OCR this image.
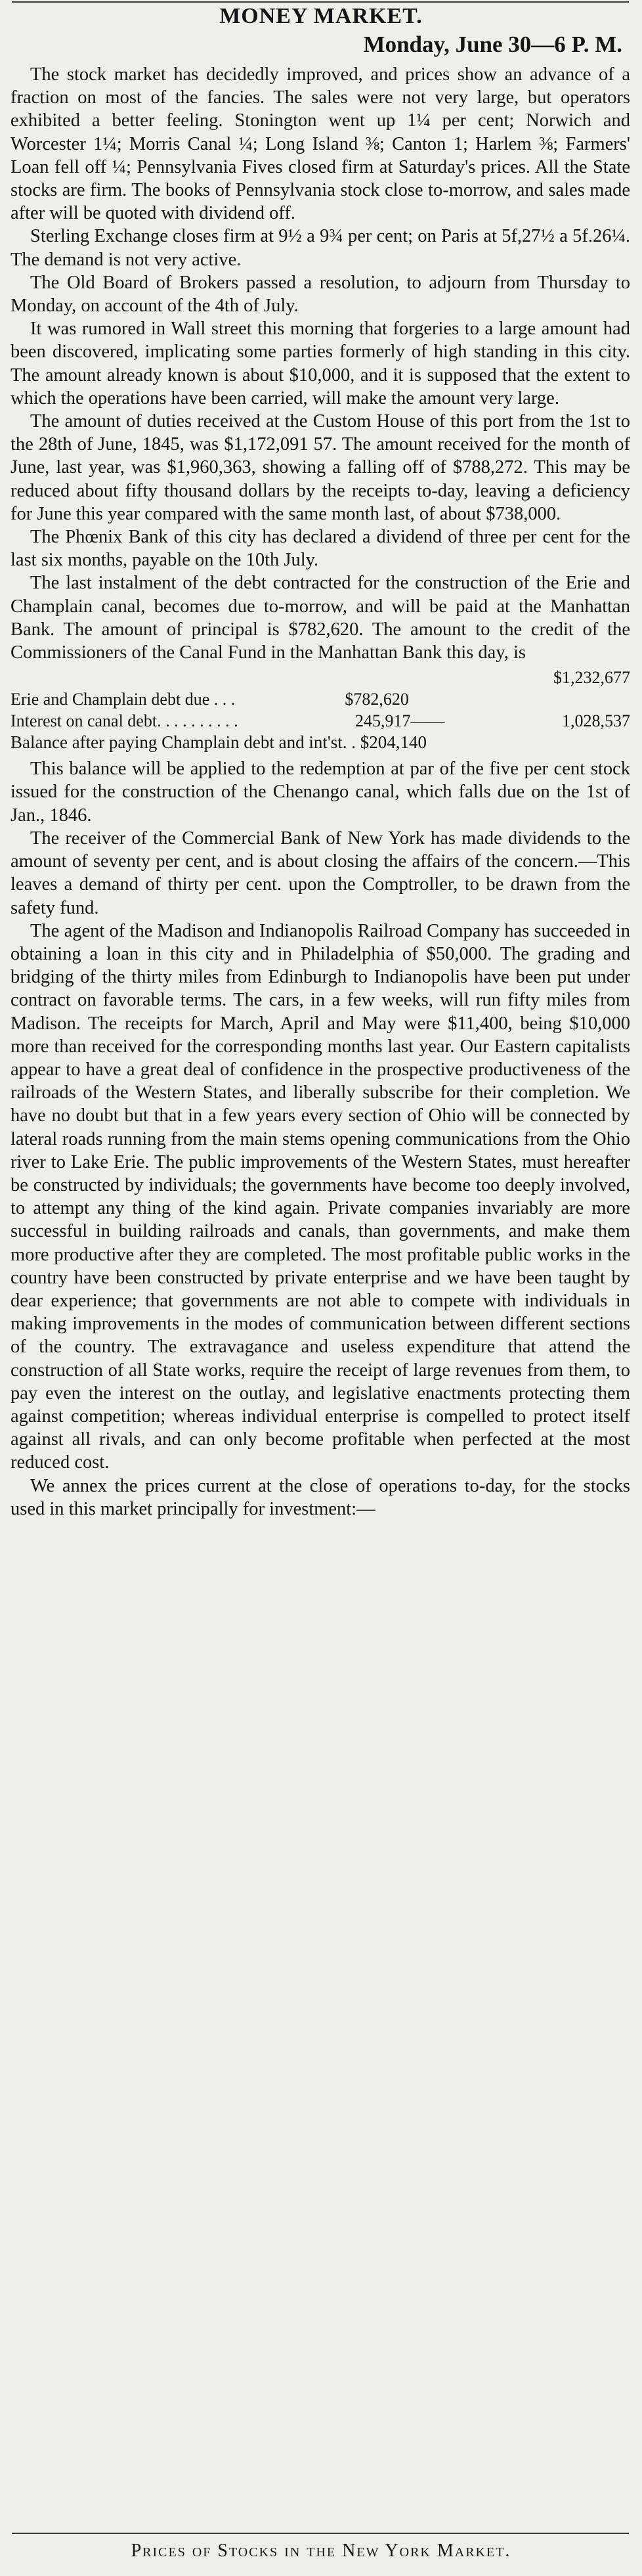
MONEY MARKET.
Monday, June 30—6 P. M.

The stock market has decidedly improved, and prices show an advance of a fraction on most of the fancies. The sales were not very large, but operators exhibited a better feeling. Stonington went up 1¼ per cent; Norwich and Worcester 1¼; Morris Canal ¼; Long Island ⅜; Canton 1; Harlem ⅜; Farmers' Loan fell off ¼; Pennsylvania Fives closed firm at Saturday's prices. All the State stocks are firm. The books of Pennsylvania stock close to-morrow, and sales made after will be quoted with dividend off.

Sterling Exchange closes firm at 9½ a 9¾ per cent; on Paris at 5f,27½ a 5f.26¼. The demand is not very active.

The Old Board of Brokers passed a resolution, to adjourn from Thursday to Monday, on account of the 4th of July.

It was rumored in Wall street this morning that forgeries to a large amount had been discovered, implicating some parties formerly of high standing in this city. The amount already known is about $10,000, and it is supposed that the extent to which the operations have been carried, will make the amount very large.

The amount of duties received at the Custom House of this port from the 1st to the 28th of June, 1845, was $1,172,091 57. The amount received for the month of June, last year, was $1,960,363, showing a falling off of $788,272. This may be reduced about fifty thousand dollars by the receipts to-day, leaving a deficiency for June this year compared with the same month last, of about $738,000.

The Phœnix Bank of this city has declared a dividend of three per cent for the last six months, payable on the 10th July.

The last instalment of the debt contracted for the construction of the Erie and Champlain canal, becomes due to-morrow, and will be paid at the Manhattan Bank. The amount of principal is $782,620. The amount to the credit of the Commissioners of the Canal Fund in the Manhattan Bank this day, is

$1,232,677
Erie and Champlain debt due . . .	$782,620
Interest on canal debt. . . . . . . . . .	245,917——	1,028,537
Balance after paying Champlain debt and int'st. . $204,140

This balance will be applied to the redemption at par of the five per cent stock issued for the construction of the Chenango canal, which falls due on the 1st of Jan., 1846.

The receiver of the Commercial Bank of New York has made dividends to the amount of seventy per cent, and is about closing the affairs of the concern.—This leaves a demand of thirty per cent. upon the Comptroller, to be drawn from the safety fund.

The agent of the Madison and Indianopolis Railroad Company has succeeded in obtaining a loan in this city and in Philadelphia of $50,000. The grading and bridging of the thirty miles from Edinburgh to Indianopolis have been put under contract on favorable terms. The cars, in a few weeks, will run fifty miles from Madison. The receipts for March, April and May were $11,400, being $10,000 more than received for the corresponding months last year. Our Eastern capitalists appear to have a great deal of confidence in the prospective productiveness of the railroads of the Western States, and liberally subscribe for their completion. We have no doubt but that in a few years every section of Ohio will be connected by lateral roads running from the main stems opening communications from the Ohio river to Lake Erie. The public improvements of the Western States, must hereafter be constructed by individuals; the governments have become too deeply involved, to attempt any thing of the kind again. Private companies invariably are more successful in building railroads and canals, than governments, and make them more productive after they are completed. The most profitable public works in the country have been constructed by private enterprise and we have been taught by dear experience; that governments are not able to compete with individuals in making improvements in the modes of communication between different sections of the country. The extravagance and useless expenditure that attend the construction of all State works, require the receipt of large revenues from them, to pay even the interest on the outlay, and legislative enactments protecting them against competition; whereas individual enterprise is compelled to protect itself against all rivals, and can only become profitable when perfected at the most reduced cost.

We annex the prices current at the close of operations to-day, for the stocks used in this market principally for investment:—

Prices of Stocks in the New York Market.
